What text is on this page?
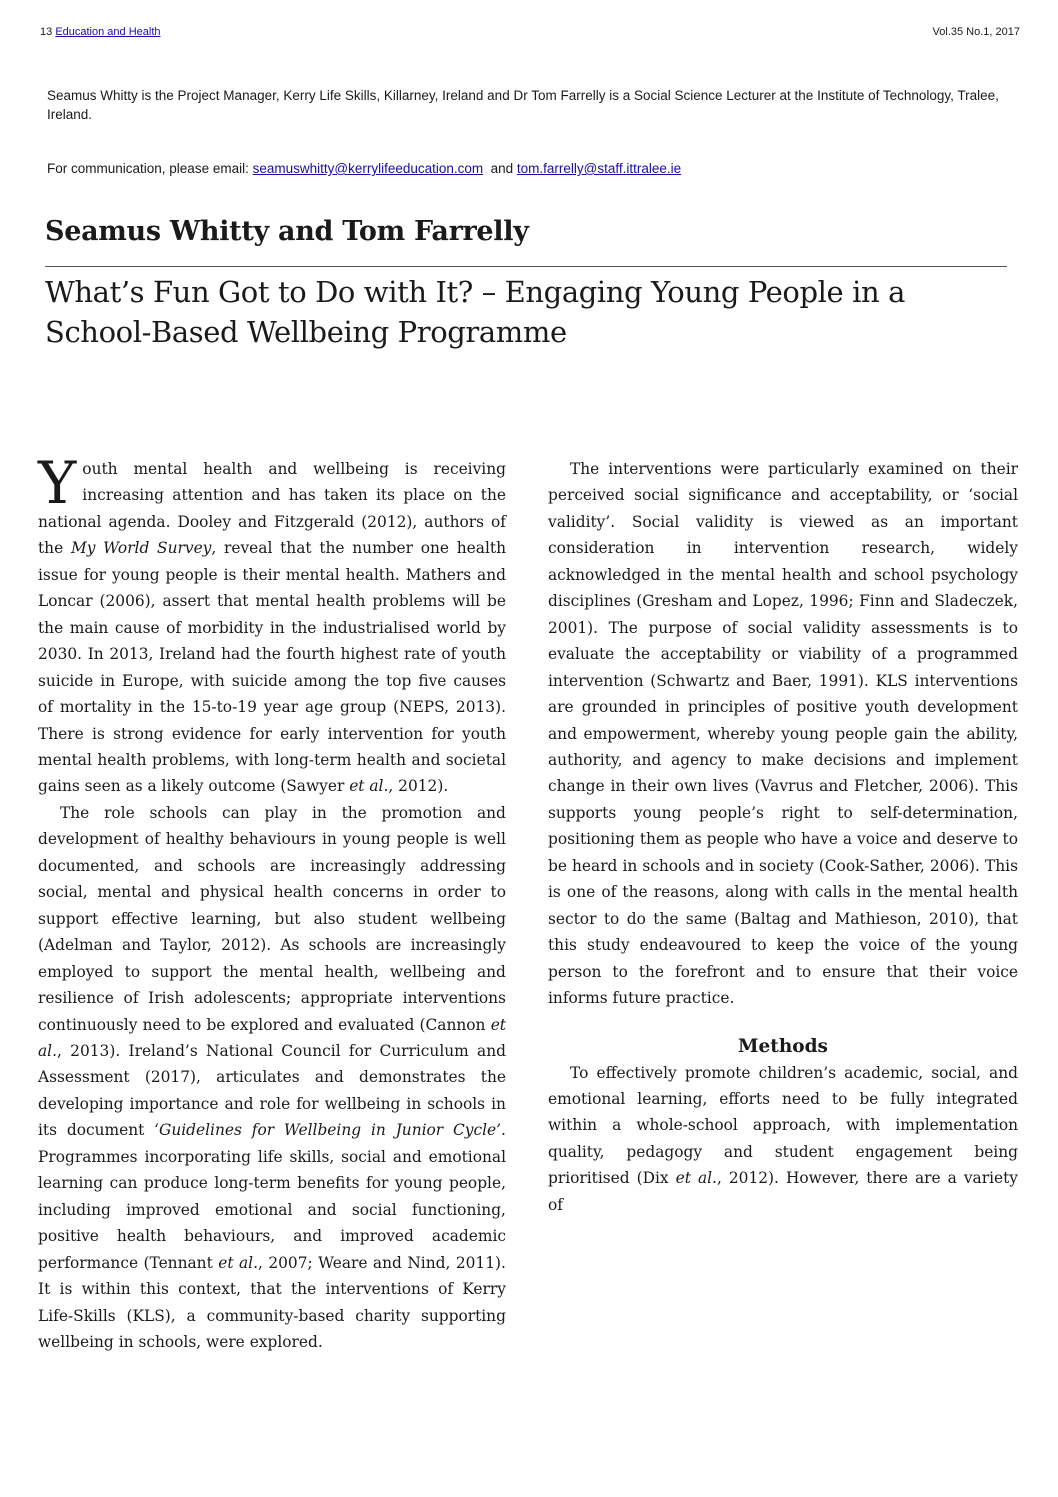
13 Education and Health	Vol.35 No.1, 2017
Seamus Whitty is the Project Manager, Kerry Life Skills, Killarney, Ireland and Dr Tom Farrelly is a Social Science Lecturer at the Institute of Technology, Tralee, Ireland.
For communication, please email: seamuswhitty@kerrylifeeducation.com  and tom.farrelly@staff.ittralee.ie
Seamus Whitty and Tom Farrelly
What’s Fun Got to Do with It? – Engaging Young People in a School-Based Wellbeing Programme

Youth mental health and wellbeing is receiving increasing attention and has taken its place on the national agenda. Dooley and Fitzgerald (2012), authors of the My World Survey, reveal that the number one health issue for young people is their mental health. Mathers and Loncar (2006), assert that mental health problems will be the main cause of morbidity in the industrialised world by 2030. In 2013, Ireland had the fourth highest rate of youth suicide in Europe, with suicide among the top five causes of mortality in the 15-to-19 year age group (NEPS, 2013). There is strong evidence for early intervention for youth mental health problems, with long-term health and societal gains seen as a likely outcome (Sawyer et al., 2012).

The role schools can play in the promotion and development of healthy behaviours in young people is well documented, and schools are increasingly addressing social, mental and physical health concerns in order to support effective learning, but also student wellbeing (Adelman and Taylor, 2012). As schools are increasingly employed to support the mental health, wellbeing and resilience of Irish adolescents; appropriate interventions continuously need to be explored and evaluated (Cannon et al., 2013). Ireland’s National Council for Curriculum and Assessment (2017), articulates and demonstrates the developing importance and role for wellbeing in schools in its document ‘Guidelines for Wellbeing in Junior Cycle’. Programmes incorporating life skills, social and emotional learning can produce long-term benefits for young people, including improved emotional and social functioning, positive health behaviours, and improved academic performance (Tennant et al., 2007; Weare and Nind, 2011). It is within this context, that the interventions of Kerry Life-Skills (KLS), a community-based charity supporting wellbeing in schools, were explored.

The interventions were particularly examined on their perceived social significance and acceptability, or ‘social validity’. Social validity is viewed as an important consideration in intervention research, widely acknowledged in the mental health and school psychology disciplines (Gresham and Lopez, 1996; Finn and Sladeczek, 2001). The purpose of social validity assessments is to evaluate the acceptability or viability of a programmed intervention (Schwartz and Baer, 1991). KLS interventions are grounded in principles of positive youth development and empowerment, whereby young people gain the ability, authority, and agency to make decisions and implement change in their own lives (Vavrus and Fletcher, 2006). This supports young people’s right to self-determination, positioning them as people who have a voice and deserve to be heard in schools and in society (Cook-Sather, 2006). This is one of the reasons, along with calls in the mental health sector to do the same (Baltag and Mathieson, 2010), that this study endeavoured to keep the voice of the young person to the forefront and to ensure that their voice informs future practice.

Methods

To effectively promote children’s academic, social, and emotional learning, efforts need to be fully integrated within a whole-school approach, with implementation quality, pedagogy and student engagement being prioritised (Dix et al., 2012). However, there are a variety of
